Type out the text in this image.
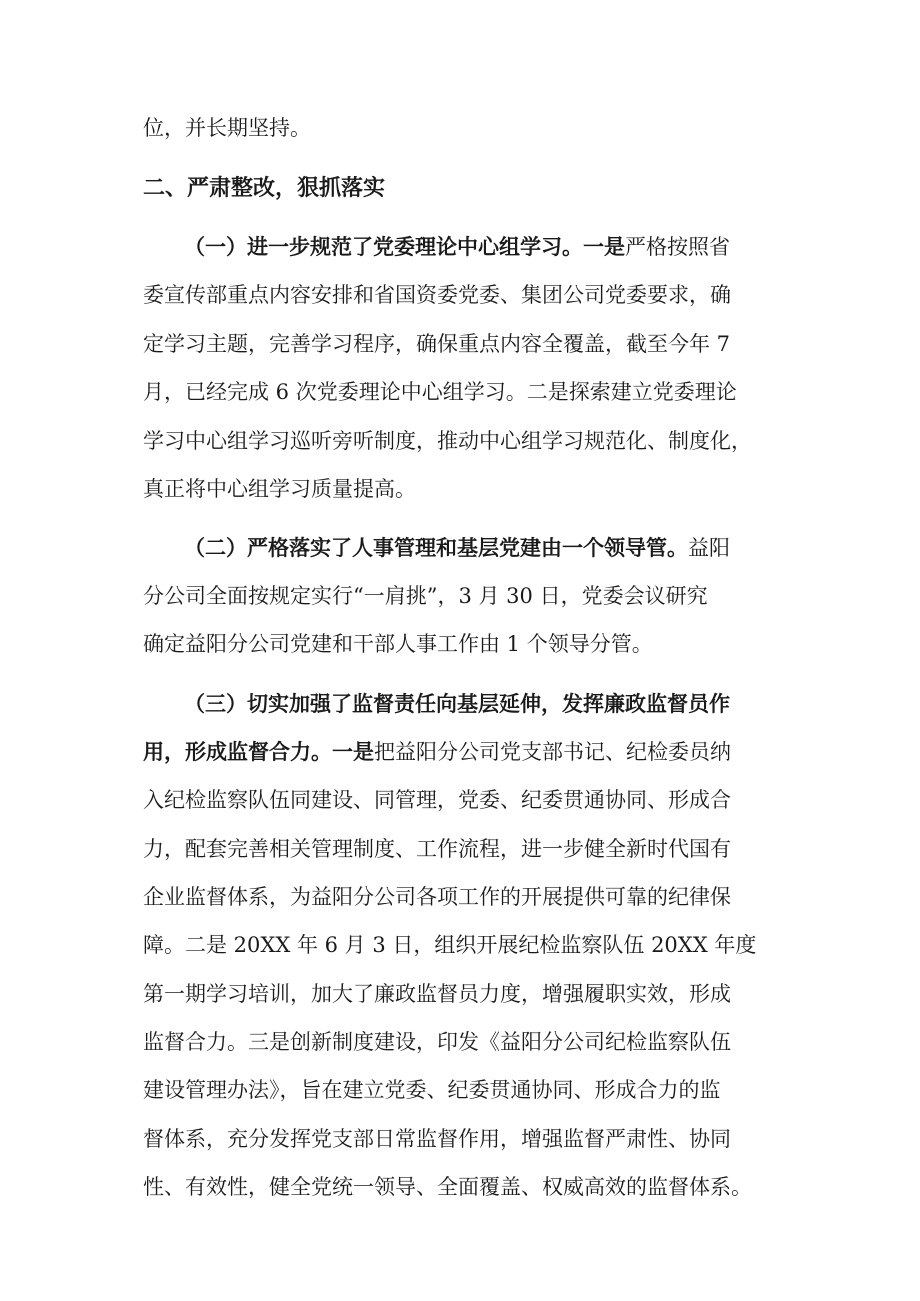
位，并长期坚持。
二、严肃整改，狠抓落实
（一）进一步规范了党委理论中心组学习。一是严格按照省
委宣传部重点内容安排和省国资委党委、集团公司党委要求，确
定学习主题，完善学习程序，确保重点内容全覆盖，截至今年 7
月，已经完成 6 次党委理论中心组学习。二是探索建立党委理论
学习中心组学习巡听旁听制度，推动中心组学习规范化、制度化，
真正将中心组学习质量提高。
（二）严格落实了人事管理和基层党建由一个领导管。益阳
分公司全面按规定实行“一肩挑”，3 月 30 日，党委会议研究
确定益阳分公司党建和干部人事工作由 1 个领导分管。
（三）切实加强了监督责任向基层延伸，发挥廉政监督员作
用，形成监督合力。一是把益阳分公司党支部书记、纪检委员纳
入纪检监察队伍同建设、同管理，党委、纪委贯通协同、形成合
力，配套完善相关管理制度、工作流程，进一步健全新时代国有
企业监督体系，为益阳分公司各项工作的开展提供可靠的纪律保
障。二是 20XX 年 6 月 3 日，组织开展纪检监察队伍 20XX 年度
第一期学习培训，加大了廉政监督员力度，增强履职实效，形成
监督合力。三是创新制度建设，印发《益阳分公司纪检监察队伍
建设管理办法》，旨在建立党委、纪委贯通协同、形成合力的监
督体系，充分发挥党支部日常监督作用，增强监督严肃性、协同
性、有效性，健全党统一领导、全面覆盖、权威高效的监督体系。
